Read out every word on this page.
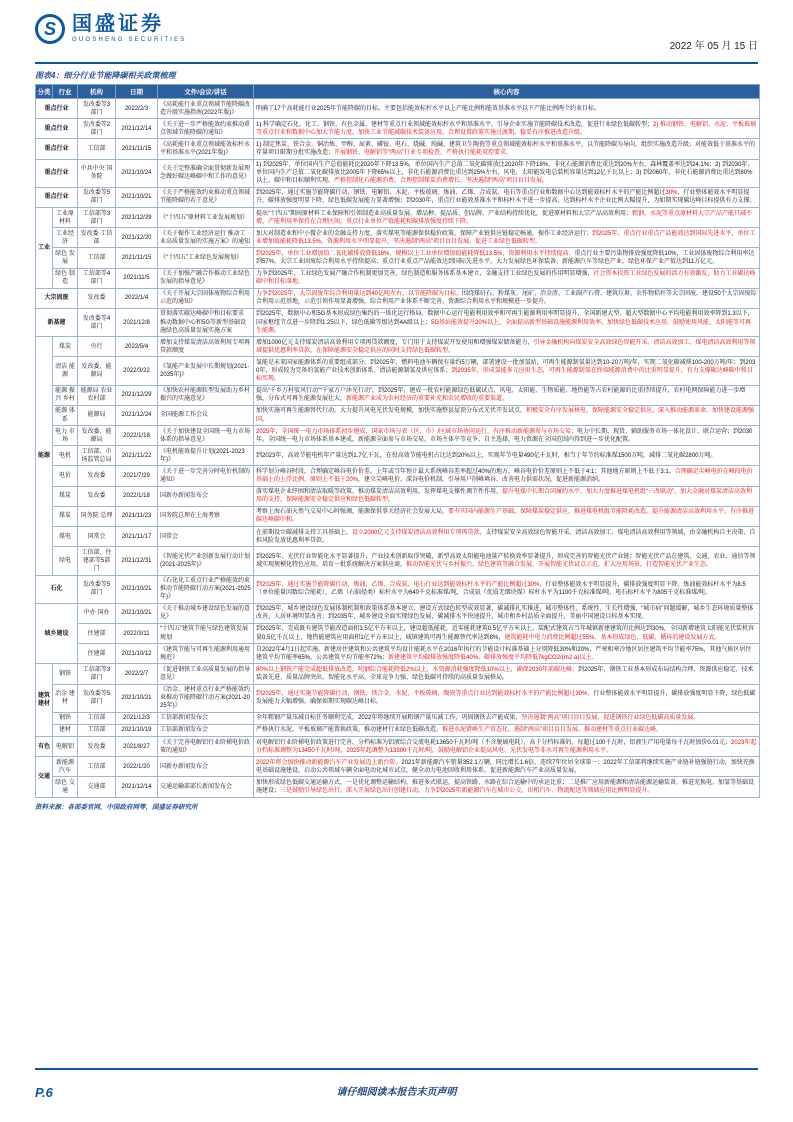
S 国盛证券
GUOSHENG SECURITIES
2022 年 05 月 15 日
图表4：细分行业节能降碳相关政策梳理
分类	行业	机构	日期	文件/会议/讲话	核心内容
重点行业		发改委等3部门	2022/2/3	《高耗能行业重点领域节能降碳改造升级实施指南(2022年版)》	明确了17个高耗能行业2025年节能降碳的目标，主要包括能效标杆水平以上产能比例和能效基准水平以下产能比例两个约束目标。
重点行业		发改委等2部门	2021/12/14	《关于进一步严格能效约束推动重点领域节能降碳的通知》	1) 科学确定石化、化工、钢铁、有色金属、建材等重点行业领域能效标杆水平和基准水平，引导企业实施节能降碳技术改造，促进行业绿色低碳转型；2) 推动钢铁、电解铝、水泥、平板玻璃等重点行业和数据中心加大节能力度，加快工业节能减碳技术装备应用，合理设置政策实施过渡期，稳妥有序推进改造升级。
重点行业		工信部	2021/11/15	《高耗能行业重点领域能效标杆水平和基准水平(2021年版)》	1) 制定焦炭、铁合金、铜冶炼、甲醇、尿素、磷铵、电石、烧碱、纯碱、建筑卫生陶瓷等重点领域能效标杆水平和基准水平，以节能降碳为导向，组织实施改造升级；对能效低于基准水平的存量项目限期分批实施改造；开展钢铁、电解铝等“两高”行业专项检查，严格执行能耗双控要求。
重点行业		中共中央 国务院	2021/10/24	《关于完整准确全面贯彻新发展理念做好碳达峰碳中和工作的意见》	1) 到2025年，单位国内生产总值能耗比2020年下降13.5%，单位国内生产总值二氧化碳排放比2020年下降18%，非化石能源消费比重达到20%左右，森林覆盖率达到24.1%；2) 到2030年，单位国内生产总值二氧化碳排放比2005年下降65%以上，非化石能源消费比重达到25%左右，风电、太阳能发电总装机容量达到12亿千瓦以上；3) 到2060年，非化石能源消费比重达到80%以上，碳中和目标顺利实现。严格控制化石能源消费，合理控制煤炭消费增长，坚决遏制“两高”项目盲目发展。
重点行业		发改委等5部门	2021/10/21	《关于严格能效约束推动重点领域节能降碳的若干意见》	到2025年，通过实施节能降碳行动，钢铁、电解铝、水泥、平板玻璃、炼油、乙烯、合成氨、电石等重点行业和数据中心达到能效标杆水平的产能比例超过30%，行业整体能效水平明显提升，碳排放强度明显下降，绿色低碳发展能力显著增强；到2030年，重点行业能效基准水平和标杆水平进一步提高，达到标杆水平企业比例大幅提升，为如期实现碳达峰目标提供有力支撑。
工业	工业原材料	工信部等3部门	2021/12/29	《“十四五”原材料工业发展规划》	提出“十四五”期间原材料工业保障和引领制造业高质量发展，增品种、提品质、创品牌，产业结构持续优化，促进原材料和大宗产品高效利用；粗钢、水泥等重点原材料大宗产品产能只减不增，产能利用率保持在合理区间，重点行业单位产值能耗和碳排放强度持续下降。
	工业经济	发改委 工信部	2021/12/20	《关于振作工业经济运行 推动工业高质量发展的实施方案》的通知	加大对制造业和中小微企业的金融支持力度，落实煤电等能源保供稳价政策，保障产业链供应链稳定畅通，振作工业经济运行；到2025年，重点行业重点产品能效达到国际先进水平，单位工业增加值能耗降低13.5%，资源利用水平明显提升，坚决遏制“两高”项目盲目发展，促进工业绿色低碳转型。
	绿色 发展	工信部	2021/11/15	《“十四五”工业绿色发展规划》	到2025年，单位工业增加值二氧化碳排放降低18%，规模以上工业单位增加值能耗降低13.5%，资源利用水平持续提高；重点行业主要污染物排放强度降低10%，工业固体废物综合利用率达到57%，大宗工业固废综合利用水平持续提高；重点行业重点产品能效达到国际先进水平，大力发展绿色环保装备、新能源汽车等绿色产业，绿色环保产业产值达到11万亿元。
	绿色 制造	工信部等4部门	2021/11/5	《关于加强产融合作推动工业绿色发展的指导意见》	力争到2025年，工业绿色发展产融合作机制更加完善，绿色制造和服务体系基本建立，金融支持工业绿色发展的作用明显增强，社会资本投资工业绿色发展的活力有效激发，助力工业碳达峰碳中和目标落地。
大宗固废		发改委	2022/1/4	《关于开展大宗固体废物综合利用示范的通知》	力争到2025年，大宗固废年综合利用量达到40亿吨左右，以节能降碳为目标，围绕煤矸石、粉煤灰、尾矿、冶金渣、工业副产石膏、建筑垃圾、农作物秸秆等大宗固废，建设50个大宗固废综合利用示范基地，示范引领作用显著增强，综合利用产业体系不断完善，资源综合利用水平和规模进一步提升。
新基建		发改委等4部门	2021/12/8	贯彻落实碳达峰碳中和目标要求 推动数据中心和5G等新型基础设施绿色高质量发展实施方案	到2025年，数据中心和5G基本形成绿色集约的一体化运行格局。数据中心运行电能利用效率和可再生能源利用率明显提升，全国新建大型、超大型数据中心平均电能利用效率降到1.3以下，国家枢纽节点进一步降到1.25以下，绿色低碳等级达到4A级以上；5G基站能效提升20%以上，全面提高新型基础设施能源利用效率，加快绿色低碳技术应用，鼓励使用风能、太阳能等可再生能源。
能源	煤炭	央行	2022/5/4	增加支持煤炭清洁高效利用专项再贷款额度	增加1000亿元支持煤炭清洁高效利用专项再贷款额度，专门用于支持煤炭开发使用和增强煤炭储备能力，引导金融机构向煤炭安全高效绿色智能开采、清洁高效加工、煤电清洁高效利用等领域提供优惠利率贷款，在保障能源安全稳定供应的同时支持绿色低碳转型。
	清洁 能源	发改委、能源局	2022/3/22	《氢能产业发展中长期规划(2021-2035年)》	氢能是未来国家能源体系的重要组成部分。到2025年，燃料电池车辆保有量约5万辆，部署建设一批加氢站，可再生能源制氢量达到10-20万吨/年，实现二氧化碳减排100-200万吨/年；到2030年，形成较为完备的氢能产业技术创新体系、清洁能源制氢及供应体系；到2035年，形成氢能多元应用生态，可再生能源制氢在终端能源消费中的比重明显提升，有力支撑碳达峰碳中和目标实现。
	能源 振兴 乡村	能源局 农业农村部	2021/12/29	《加快农村能源转型发展助力乡村振兴的实施意见》	提出“千乡万村驭风行动”“千家万户沐光行动”，到2025年，建成一批农村能源绿色低碳试点，风电、太阳能、生物质能、地热能等占农村能源的比重持续提升，农村电网保障能力进一步增强，分布式可再生能源发展壮大，新能源产业成为农村经济的重要补充和农民增收的重要渠道。
	能源 体系	能源局	2021/12/24	全国能源工作会议	加快实施可再生能源替代行动，大力提升风电光伏发电规模，加快实施整县屋顶分布式光伏开发试点，积极安全有序发展核电，保障能源安全稳定供应，深入推动能源革命，加快建设能源强国。
	电力 市场	发改委、能源局	2022/1/18	《关于加快建设全国统一电力市场体系的指导意见》	2025年，全国统一电力市场体系初步建成，国家市场与省（区、市）/区域市场协同运行，有序推动新能源参与市场交易；电力中长期、现货、辅助服务市场一体化设计、联合运营；到2030年，全国统一电力市场体系基本建成，新能源全面参与市场交易，市场主体平等竞争、自主选择，电力资源在全国范围内得到进一步优化配置。
	电机	工信部、市场监管总局	2021/11/22	《电机能效提升计划(2021-2023年)》	到2023年，高效节能电机年产量达到1.7亿千瓦，在役高效节能电机占比达到20%以上，实现年节电量490亿千瓦时，相当于年节约标准煤1500万吨，减排二氧化碳2800万吨。
	电价	发改委	2021/7/29	《关于进一步完善分时电价机制的通知》	科学划分峰谷时段，合理确定峰谷电价价差。上年或当年预计最大系统峰谷差率超过40%的地方，峰谷电价价差原则上不低于4:1；其他地方原则上不低于3:1。合理确定尖峰电价在峰段电价基础上的上浮比例，原则上不低于20%，建立尖峰电价、深谷电价机制，引导用户削峰填谷、改善电力供需状况，促进新能源消纳。
	煤炭	发改委	2022/1/18	国新办新闻发布会	落实煤电企业纾困和清洁取暖等政策，推动煤炭清洁高效利用，发挥煤电支撑性调节性作用，提升电煤中长期合同履约水平，加大力度推进煤电机组“三改联动”，加大金融对煤炭清洁高效利用的支持，保障能源安全稳定供应和绿色低碳转型。
	煤炭	国务院 总理	2021/11/23	国务院总理在上海考察	考察上海石油天然气交易中心时强调，能源保供事关经济社会发展大局，要夯实国内能源生产基础，保障煤炭稳定供应，推进煤电机组节能降耗改造，提升能源清洁高效利用水平，有序推进碳达峰碳中和。
	煤电	国常会	2021/11/17	国常会	在前期设立碳减排支持工具基础上，设立2000亿元支持煤炭清洁高效利用专项再贷款，支持煤炭安全高效绿色智能开采、清洁高效加工、煤电清洁高效利用等领域，由金融机构自主决策、自担风险发放优惠利率贷款。
	绿电	工信部、住建部等5部门	2021/12/31	《智能光伏产业创新发展行动计划(2021-2025年)》	到2025年，光伏行业智能化水平显著提升，产业技术创新取得突破，新型高效太阳能电池量产转换效率显著提升，形成完善的智能光伏产业链；智能光伏产品在建筑、交通、农业、通信等领域实现规模化特色应用，培育一批系统解决方案供应商，推动智能光伏与乡村振兴、绿色建筑等融合发展，开展智能光伏试点示范，扩大应用场景，打造智能光伏产业生态。
石化		发改委等5部门	2021/10/21	《石化化工重点行业严格能效约束推动节能降碳行动方案(2021-2025年)》	到2025年，通过实施节能降碳行动，炼油、乙烯、合成氨、电石行业达到能效标杆水平的产能比例超过30%，行业整体能效水平明显提升，碳排放强度明显下降。炼油能效标杆水平为8.5（单位能量因数综合能耗），乙烯（石脑烃类）标杆水平为640千克标准煤/吨，合成氨（优质无烟块煤）标杆水平为1100千克标准煤/吨，电石标杆水平为805千克标准煤/吨。
城乡建设		中办 国办	2021/10/21	《关于推动城乡建设绿色发展的意见》	到2025年，城乡建设绿色发展体制机制和政策体系基本建立，建设方式绿色转型成效显著，碳减排扎实推进，城市整体性、系统性、生长性增强，“城市病”问题缓解，城乡生态环境质量整体改善，人居环境明显改善；到2035年，城乡建设全面实现绿色发展，碳减排水平快速提升，城市和乡村品质全面提升，美丽中国建设目标基本实现。
		住建部	2022/3/11	“十四五”建筑节能与绿色建筑发展规划	到2025年，完成既有建筑节能改造面积3.5亿平方米以上，建设超低能耗、近零能耗建筑0.5亿平方米以上，装配式建筑占当年城镇新建建筑的比例达到30%，全国新增建筑太阳能光伏装机容量0.5亿千瓦以上，地热能建筑应用面积1亿平方米以上，城镇建筑可再生能源替代率达到8%，建筑能耗中电力消费比例超过55%，基本形成绿色、低碳、循环的建设发展方式。
		住建部	2021/10/12	《建筑节能与可再生能源利用通用规范》	自2022年4月1日起实施。新建居住建筑和公共建筑平均设计能耗水平在2016年执行的节能设计标准基础上分别降低30%和20%，严寒和寒冷地区居住建筑平均节能率75%，其他气候区居住建筑平均节能率65%，公共建筑平均节能率72%；新建建筑平均碳排放强度降低40%，碳排放强度平均降低7kgCO2/(m2·a)以上。
建筑建材	钢铁	工信部等3部门	2022/2/7	《促进钢铁工业高质量发展的指导意见》	80%以上钢铁产能完成超低排放改造，吨钢综合能耗降低2%以上，水资源消耗强度降低10%以上，确保2030年前碳达峰；到2025年，钢铁工业基本形成布局结构合理、资源供应稳定、技术装备先进、质量品牌突出、智能化水平高、全球竞争力强、绿色低碳可持续的高质量发展格局。
	冶金 建材	发改委等5部门	2021/10/21	《冶金、建材重点行业严格能效约束推动节能降碳行动方案(2021-2025年)》	到2025年，通过实施节能降碳行动，钢铁、铁合金、水泥、平板玻璃、陶瓷等重点行业达到能效标杆水平的产能比例超过30%，行业整体能效水平明显提升，碳排放强度明显下降，绿色低碳发展能力大幅增强，确保如期实现碳达峰目标。
	钢铁	工信部	2021/12/3	工信部新闻发布会	全年粗钢产量压减目标任务顺利完成，2022年将继续开展粗钢产量压减工作，巩固钢铁去产能成果，坚决遏制“两高”项目盲目发展，促进钢铁行业绿色低碳高质量发展。
	建材	工信部	2021/10/19	工信部新闻发布会	严格执行水泥、平板玻璃产能置换政策，推动建材行业绿色低碳改造，推进水泥错峰生产常态化，遏制“两高”项目盲目发展，推动建材等重点行业碳达峰。
有色	电解铝	发改委	2021/8/27	《关于完善电解铝行业阶梯电价政策的通知》	对电解铝行业阶梯电价政策进行完善，分档标准为铝液综合交流电耗13650千瓦时/吨（不含脱硫电耗），高于分档标准的，每超过100千瓦时，铝液生产用电量每千瓦时加价0.01元；2023年起分档标准调整为13450千瓦时/吨，2025年起调整为13300千瓦时/吨，鼓励电解铝企业提高风电、光伏发电等非水可再生能源利用水平。
交通	新能源汽车	工信部	2022/1/20	国新办新闻发布会	2022年将会加快推动新能源汽车产业发展迈上新台阶。2021年新能源汽车销量352.1万辆，同比增长1.6倍，连续7年位居全球第一；2022年工信部将继续实施产业链补链强链行动，加快充换电基础设施建设，启动公共领域车辆全面电动化城市试点，健全动力电池回收利用体系，促进新能源汽车产业高质量发展。
	绿色 交通	交通部	2021/12/14	交通运输部部长新闻发布会	加快形成绿色低碳交通运输方式，一是优化调整运输结构，推进多式联运，提高铁路、水路在综合运输中的承运比重；二是推广应用新能源和清洁能源运输装备，推进充换电、加氢等基础设施建设；三是鼓励引导绿色出行，深入开展绿色出行创建行动，力争到2025年新能源汽车在城市公交、出租汽车、物流配送等领域应用比例明显提升。
资料来源：各部委官网，中国政府网等，国盛证券研究所
P.6	请仔细阅读本报告末页声明
